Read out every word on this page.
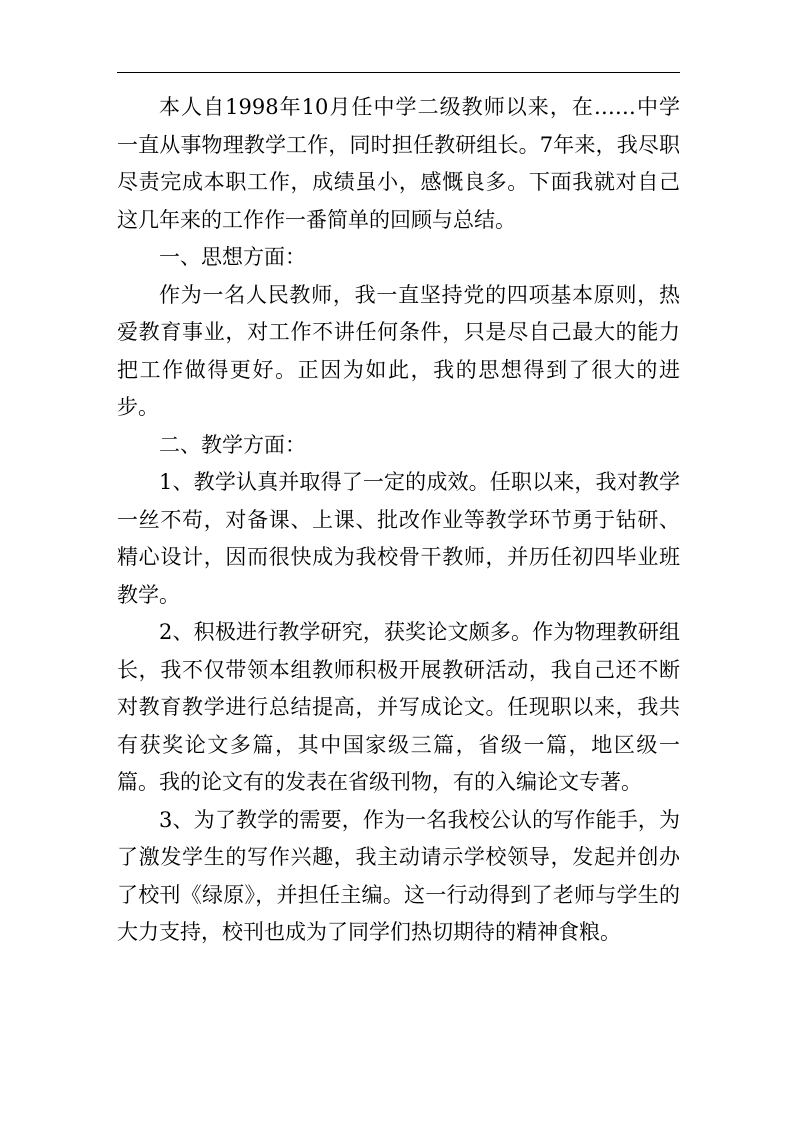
本人自1998年10月任中学二级教师以来，在……中学一直从事物理教学工作，同时担任教研组长。7年来，我尽职尽责完成本职工作，成绩虽小，感慨良多。下面我就对自己这几年来的工作作一番简单的回顾与总结。

一、思想方面：

作为一名人民教师，我一直坚持党的四项基本原则，热爱教育事业，对工作不讲任何条件，只是尽自己最大的能力把工作做得更好。正因为如此，我的思想得到了很大的进步。

二、教学方面：

1、教学认真并取得了一定的成效。任职以来，我对教学一丝不苟，对备课、上课、批改作业等教学环节勇于钻研、精心设计，因而很快成为我校骨干教师，并历任初四毕业班教学。

2、积极进行教学研究，获奖论文颇多。作为物理教研组长，我不仅带领本组教师积极开展教研活动，我自己还不断对教育教学进行总结提高，并写成论文。任现职以来，我共有获奖论文多篇，其中国家级三篇，省级一篇，地区级一篇。我的论文有的发表在省级刊物，有的入编论文专著。

3、为了教学的需要，作为一名我校公认的写作能手，为了激发学生的写作兴趣，我主动请示学校领导，发起并创办了校刊《绿原》，并担任主编。这一行动得到了老师与学生的大力支持，校刊也成为了同学们热切期待的精神食粮。
